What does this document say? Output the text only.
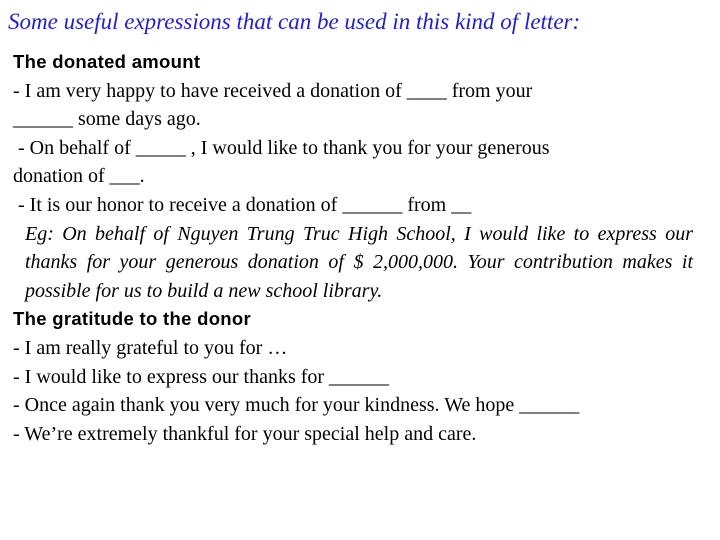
Some useful expressions that can be used in this kind of letter:
The donated amount
- I am very happy to have received a donation of ____ from your
______ some days ago.
- On behalf of _____ , I would like to thank you for your generous
donation of ___.
- It is our honor to receive a donation of ______ from __
Eg: On behalf of Nguyen Trung Truc High School, I would like to express our thanks for your generous donation of $ 2,000,000. Your contribution makes it possible for us to build a new school library.
The gratitude to the donor
- I am really grateful to you for …
- I would like to express our thanks for ______
- Once again thank you very much for your kindness. We hope ______
- We’re extremely thankful for your special help and care.
